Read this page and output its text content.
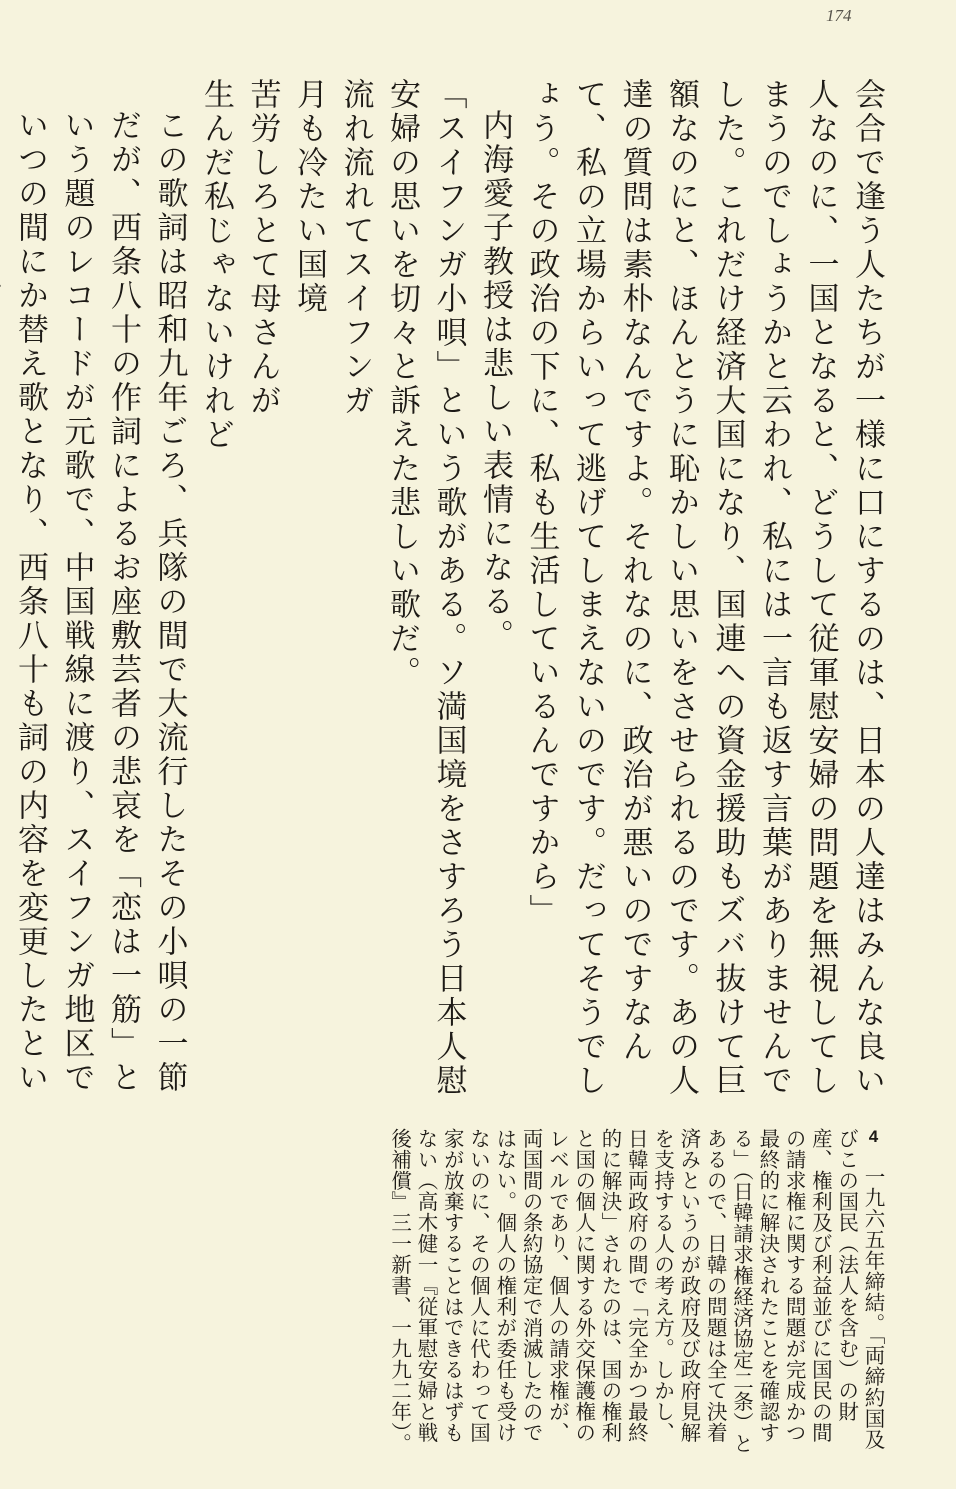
174

会合で逢う人たちが一様に口にするのは、日本の人達はみんな良い人なのに、一国となると、どうして従軍慰安婦の問題を無視してしまうのでしょうかと云われ、私には一言も返す言葉がありませんでした。これだけ経済大国になり、国連への資金援助もズバ抜けて巨額なのにと、ほんとうに恥かしい思いをさせられるのです。あの人達の質問は素朴なんですよ。それなのに、政治が悪いのですなんて、私の立場からいって逃げてしまえないのです。だってそうでしょう。その政治の下に、私も生活しているんですから」

内海愛子教授は悲しい表情になる。

「スイフンガ小唄」という歌がある。ソ満国境をさすろう日本人慰安婦の思いを切々と訴えた悲しい歌だ。

流れ流れてスイフンガ

月も冷たい国境

苦労しろとて母さんが

生んだ私じゃないけれど

この歌詞は昭和九年ごろ、兵隊の間で大流行したその小唄の一節だが、西条八十の作詞によるお座敷芸者の悲哀を「恋は一筋」という題のレコードが元歌で、中国戦線に渡り、スイフンガ地区でいつの間にか替え歌となり、西条八十も詞の内容を変更したとい

4　一九六五年締結。「両締約国及びこの国民（法人を含む）の財産、権利及び利益並びに国民の間の請求権に関する問題が完成かつ最終的に解決されたことを確認する」（日韓請求権経済協定二条）とあるので、日韓の問題は全て決着済みというのが政府及び政府見解を支持する人の考え方。しかし、日韓両政府の間で「完全かつ最終的に解決」されたのは、国の権利と国の個人に関する外交保護権のレベルであり、個人の請求権が、両国間の条約協定で消滅したのではない。個人の権利が委任も受けないのに、その個人に代わって国家が放棄することはできるはずもない（高木健一『従軍慰安婦と戦後補償』三一新書、一九九二年）。
